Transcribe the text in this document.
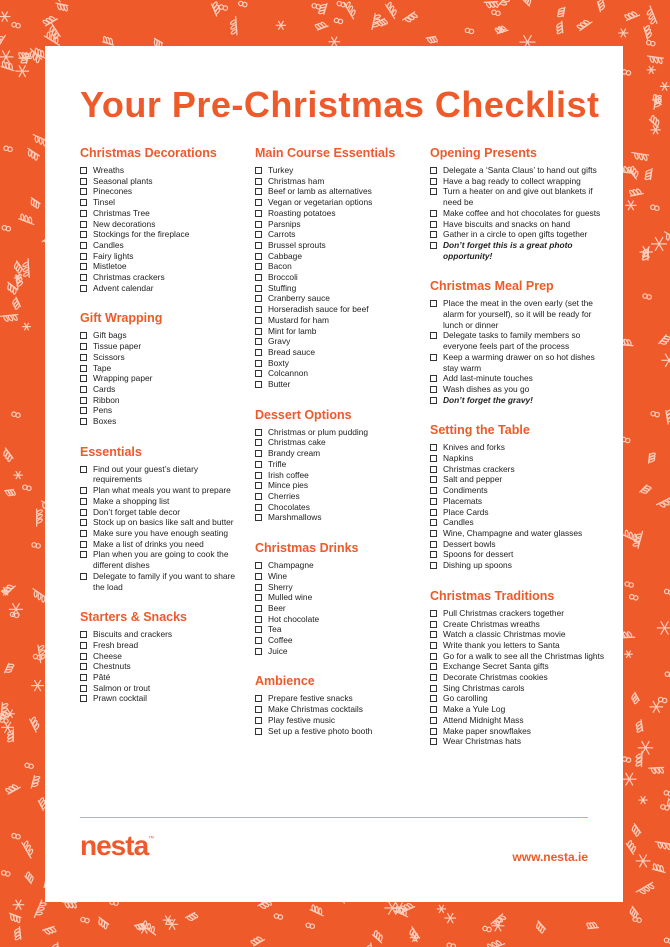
Your Pre-Christmas Checklist
Christmas Decorations
Wreaths
Seasonal plants
Pinecones
Tinsel
Christmas Tree
New decorations
Stockings for the fireplace
Candles
Fairy lights
Mistletoe
Christmas crackers
Advent calendar
Gift Wrapping
Gift bags
Tissue paper
Scissors
Tape
Wrapping paper
Cards
Ribbon
Pens
Boxes
Essentials
Find out your guest’s dietary requirements
Plan what meals you want to prepare
Make a shopping list
Don’t forget table decor
Stock up on basics like salt and butter
Make sure you have enough seating
Make a list of drinks you need
Plan when you are going to cook the different dishes
Delegate to family if you want to share the load
Starters & Snacks
Biscuits and crackers
Fresh bread
Cheese
Chestnuts
Pâté
Salmon or trout
Prawn cocktail
Main Course Essentials
Turkey
Christmas ham
Beef or lamb as alternatives
Vegan or vegetarian options
Roasting potatoes
Parsnips
Carrots
Brussel sprouts
Cabbage
Bacon
Broccoli
Stuffing
Cranberry sauce
Horseradish sauce for beef
Mustard for ham
Mint for lamb
Gravy
Bread sauce
Boxty
Colcannon
Butter
Dessert Options
Christmas or plum pudding
Christmas cake
Brandy cream
Trifle
Irish coffee
Mince pies
Cherries
Chocolates
Marshmallows
Christmas Drinks
Champagne
Wine
Sherry
Mulled wine
Beer
Hot chocolate
Tea
Coffee
Juice
Ambience
Prepare festive snacks
Make Christmas cocktails
Play festive music
Set up a festive photo booth
Opening Presents
Delegate a ‘Santa Claus’ to hand out gifts
Have a bag ready to collect wrapping
Turn a heater on and give out blankets if need be
Make coffee and hot chocolates for guests
Have biscuits and snacks on hand
Gather in a circle to open gifts together
Don’t forget this is a great photo opportunity!
Christmas Meal Prep
Place the meat in the oven early (set the alarm for yourself), so it will be ready for lunch or dinner
Delegate tasks to family members so everyone feels part of the process
Keep a warming drawer on so hot dishes stay warm
Add last-minute touches
Wash dishes as you go
Don’t forget the gravy!
Setting the Table
Knives and forks
Napkins
Christmas crackers
Salt and pepper
Condiments
Placemats
Place Cards
Candles
Wine, Champagne and water glasses
Dessert bowls
Spoons for dessert
Dishing up spoons
Christmas Traditions
Pull Christmas crackers together
Create Christmas wreaths
Watch a classic Christmas movie
Write thank you letters to Santa
Go for a walk to see all the Christmas lights
Exchange Secret Santa gifts
Decorate Christmas cookies
Sing Christmas carols
Go carolling
Make a Yule Log
Attend Midnight Mass
Make paper snowflakes
Wear Christmas hats
nesta™
www.nesta.ie
